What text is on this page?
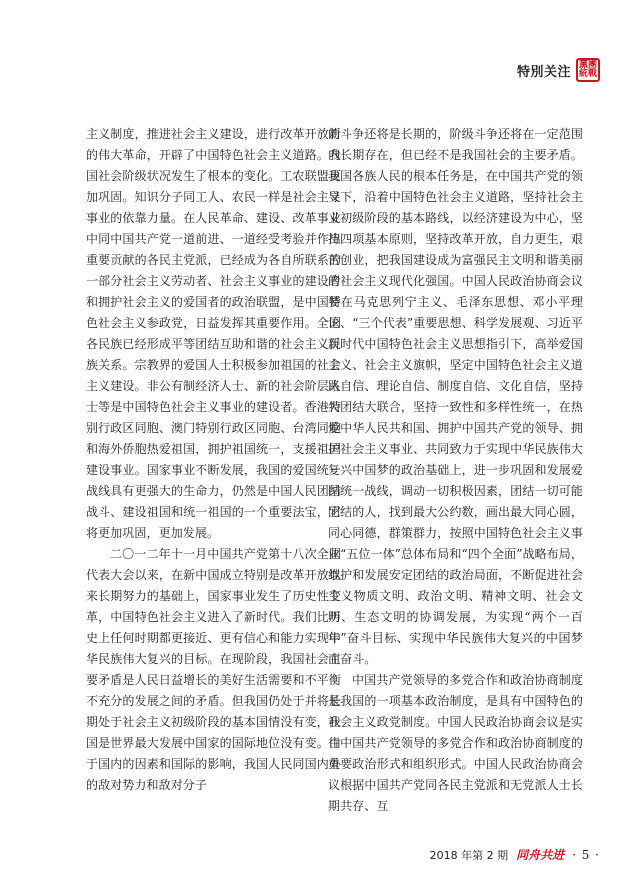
特別关注 黨 團
統 戰

主义制度，推进社会主义建设，进行改革开放新的伟大革命，开辟了中国特色社会主义道路。我国社会阶级状况发生了根本的变化。工农联盟更加巩固。知识分子同工人、农民一样是社会主义事业的依靠力量。在人民革命、建设、改革事业中同中国共产党一道前进、一道经受考验并作出重要贡献的各民主党派，已经成为各自所联系的一部分社会主义劳动者、社会主义事业的建设者和拥护社会主义的爱国者的政治联盟，是中国特色社会主义参政党，日益发挥其重要作用。全国各民族已经形成平等团结互助和谐的社会主义民族关系。宗教界的爱国人士积极参加祖国的社会主义建设。非公有制经济人士、新的社会阶层人士等是中国特色社会主义事业的建设者。香港特别行政区同胞、澳门特别行政区同胞、台湾同胞和海外侨胞热爱祖国，拥护祖国统一，支援祖国建设事业。国家事业不断发展，我国的爱国统一战线具有更强大的生命力，仍然是中国人民团结战斗、建设祖国和统一祖国的一个重要法宝，它将更加巩固，更加发展。

二〇一二年十一月中国共产党第十八次全国代表大会以来，在新中国成立特别是改革开放以来长期努力的基础上，国家事业发生了历史性变革，中国特色社会主义进入了新时代。我们比历史上任何时期都更接近、更有信心和能力实现中华民族伟大复兴的目标。在现阶段，我国社会主要矛盾是人民日益增长的美好生活需要和不平衡不充分的发展之间的矛盾。但我国仍处于并将长期处于社会主义初级阶段的基本国情没有变，我国是世界最大发展中国家的国际地位没有变。由于国内的因素和国际的影响，我国人民同国内外的敌对势力和敌对分子

的斗争还将是长期的，阶级斗争还将在一定范围内长期存在，但已经不是我国社会的主要矛盾。我国各族人民的根本任务是，在中国共产党的领导下，沿着中国特色社会主义道路，坚持社会主义初级阶段的基本路线，以经济建设为中心，坚持四项基本原则，坚持改革开放，自力更生，艰苦创业，把我国建设成为富强民主文明和谐美丽的社会主义现代化强国。中国人民政治协商会议要在马克思列宁主义、毛泽东思想、邓小平理论、“三个代表”重要思想、科学发展观、习近平新时代中国特色社会主义思想指引下，高举爱国主义、社会主义旗帜，坚定中国特色社会主义道路自信、理论自信、制度自信、文化自信，坚持大团结大联合，坚持一致性和多样性统一，在热爱中华人民共和国、拥护中国共产党的领导、拥护社会主义事业、共同致力于实现中华民族伟大复兴中国梦的政治基础上，进一步巩固和发展爱国统一战线，调动一切积极因素，团结一切可能团结的人，找到最大公约数，画出最大同心圆，同心同德，群策群力，按照中国特色社会主义事业“五位一体”总体布局和“四个全面”战略布局，维护和发展安定团结的政治局面，不断促进社会主义物质文明、政治文明、精神文明、社会文明、生态文明的协调发展，为实现“两个一百年”奋斗目标、实现中华民族伟大复兴的中国梦而奋斗。

中国共产党领导的多党合作和政治协商制度是我国的一项基本政治制度，是具有中国特色的社会主义政党制度。中国人民政治协商会议是实行中国共产党领导的多党合作和政治协商制度的重要政治形式和组织形式。中国人民政治协商会议根据中国共产党同各民主党派和无党派人士长期共存、互

2018 年第 2 期 同舟共进 · 5 ·
